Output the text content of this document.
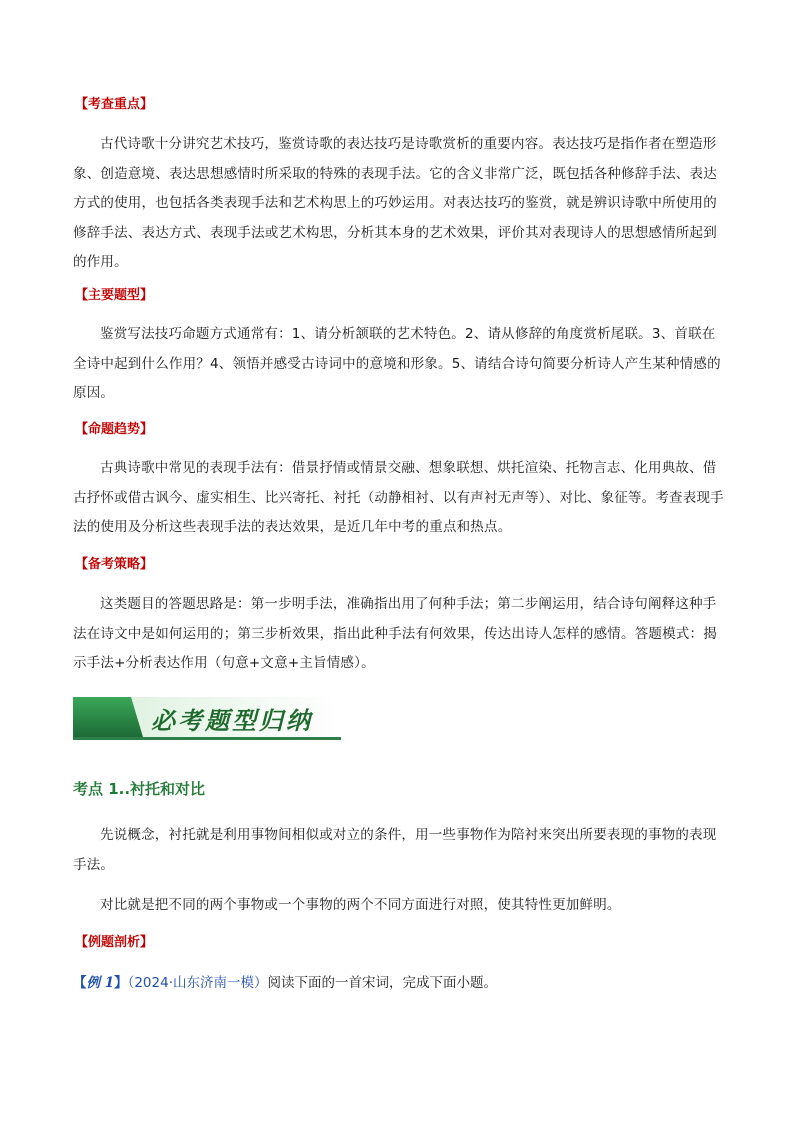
【考查重点】

古代诗歌十分讲究艺术技巧，鉴赏诗歌的表达技巧是诗歌赏析的重要内容。表达技巧是指作者在塑造形象、创造意境、表达思想感情时所采取的特殊的表现手法。它的含义非常广泛，既包括各种修辞手法、表达方式的使用，也包括各类表现手法和艺术构思上的巧妙运用。对表达技巧的鉴赏，就是辨识诗歌中所使用的修辞手法、表达方式、表现手法或艺术构思，分析其本身的艺术效果，评价其对表现诗人的思想感情所起到的作用。

【主要题型】

鉴赏写法技巧命题方式通常有：1、请分析颔联的艺术特色。2、请从修辞的角度赏析尾联。3、首联在全诗中起到什么作用？4、领悟并感受古诗词中的意境和形象。5、请结合诗句简要分析诗人产生某种情感的原因。

【命题趋势】

古典诗歌中常见的表现手法有：借景抒情或情景交融、想象联想、烘托渲染、托物言志、化用典故、借古抒怀或借古讽今、虚实相生、比兴寄托、衬托（动静相衬、以有声衬无声等）、对比、象征等。考查表现手法的使用及分析这些表现手法的表达效果，是近几年中考的重点和热点。

【备考策略】

这类题目的答题思路是：第一步明手法，准确指出用了何种手法；第二步阐运用，结合诗句阐释这种手法在诗文中是如何运用的；第三步析效果，指出此种手法有何效果，传达出诗人怎样的感情。答题模式：揭示手法+分析表达作用（句意+文意+主旨情感）。

必考题型归纳
考点 1..衬托和对比

先说概念，衬托就是利用事物间相似或对立的条件，用一些事物作为陪衬来突出所要表现的事物的表现手法。

对比就是把不同的两个事物或一个事物的两个不同方面进行对照，使其特性更加鲜明。

【例题剖析】
【例 1】（2024·山东济南一模）阅读下面的一首宋词，完成下面小题。
